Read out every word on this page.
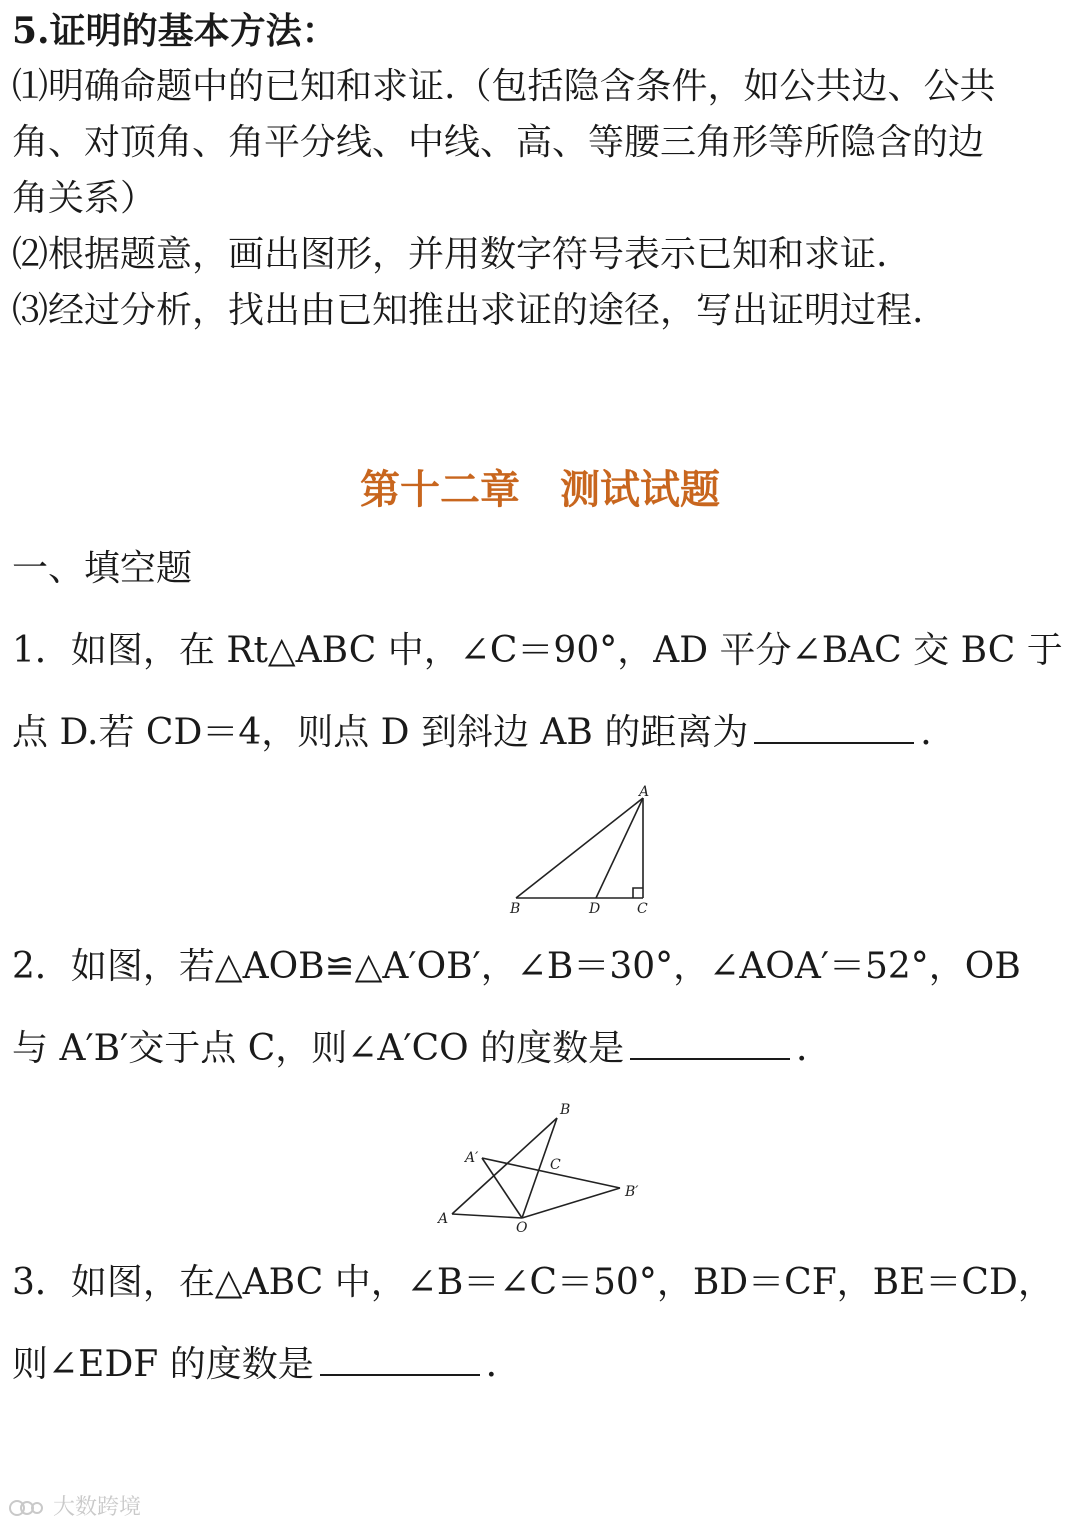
5.证明的基本方法：
⑴明确命题中的已知和求证.（包括隐含条件，如公共边、公共
角、对顶角、角平分线、中线、高、等腰三角形等所隐含的边
角关系）
⑵根据题意，画出图形，并用数字符号表示已知和求证.
⑶经过分析，找出由已知推出求证的途径，写出证明过程.
第十二章　测试试题
一、填空题
1．如图，在 Rt△ABC 中，∠C＝90°，AD 平分∠BAC 交 BC 于
点 D.若 CD＝4，则点 D 到斜边 AB 的距离为	．
A
B	D	C
2．如图，若△AOB≌△A′OB′，∠B＝30°，∠AOA′＝52°，OB
与 A′B′交于点 C，则∠A′CO 的度数是	．
B
A′	C
B′
A
O
3．如图，在△ABC 中，∠B＝∠C＝50°，BD＝CF，BE＝CD，
则∠EDF 的度数是	．
大数跨境
